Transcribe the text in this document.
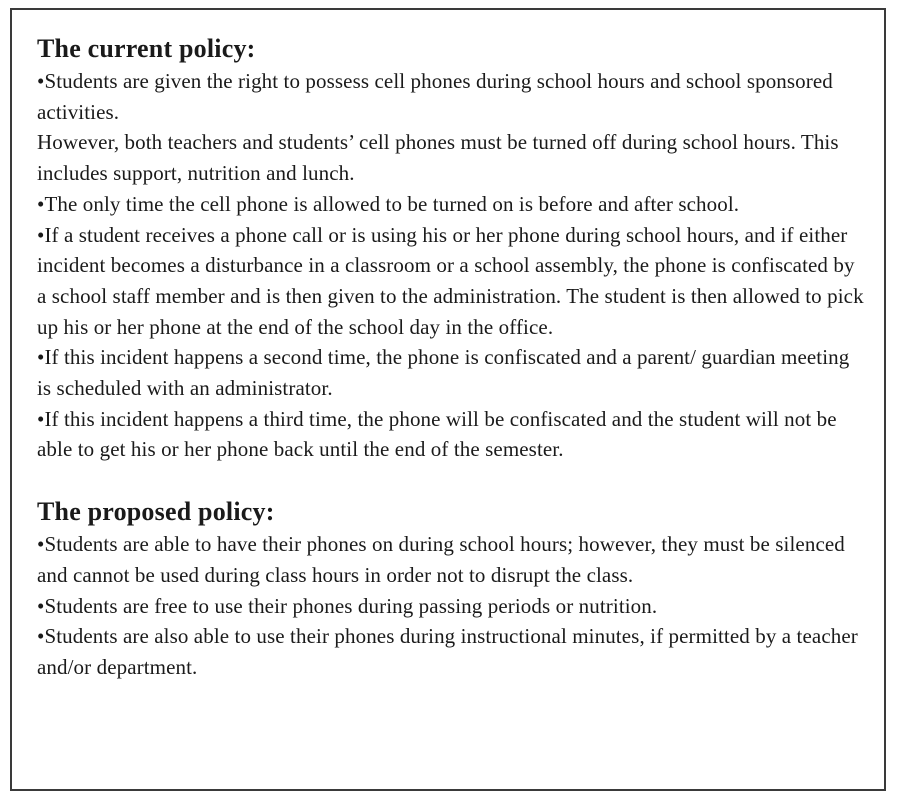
The current policy:

•Students are given the right to possess cell phones during school hours and school sponsored activities.

However, both teachers and students’ cell phones must be turned off during school hours. This includes support, nutrition and lunch.

•The only time the cell phone is allowed to be turned on is before and after school.

•If a student receives a phone call or is using his or her phone during school hours, and if either incident becomes a disturbance in a classroom or a school assembly, the phone is confiscated by a school staff member and is then given to the administration. The student is then allowed to pick up his or her phone at the end of the school day in the office.

•If this incident happens a second time, the phone is confiscated and a parent/ guardian meeting is scheduled with an administrator.

•If this incident happens a third time, the phone will be confiscated and the student will not be able to get his or her phone back until the end of the semester.

The proposed policy:

•Students are able to have their phones on during school hours; however, they must be silenced and cannot be used during class hours in order not to disrupt the class.

•Students are free to use their phones during passing periods or nutrition.

•Students are also able to use their phones during instructional minutes, if permitted by a teacher and/or department.
